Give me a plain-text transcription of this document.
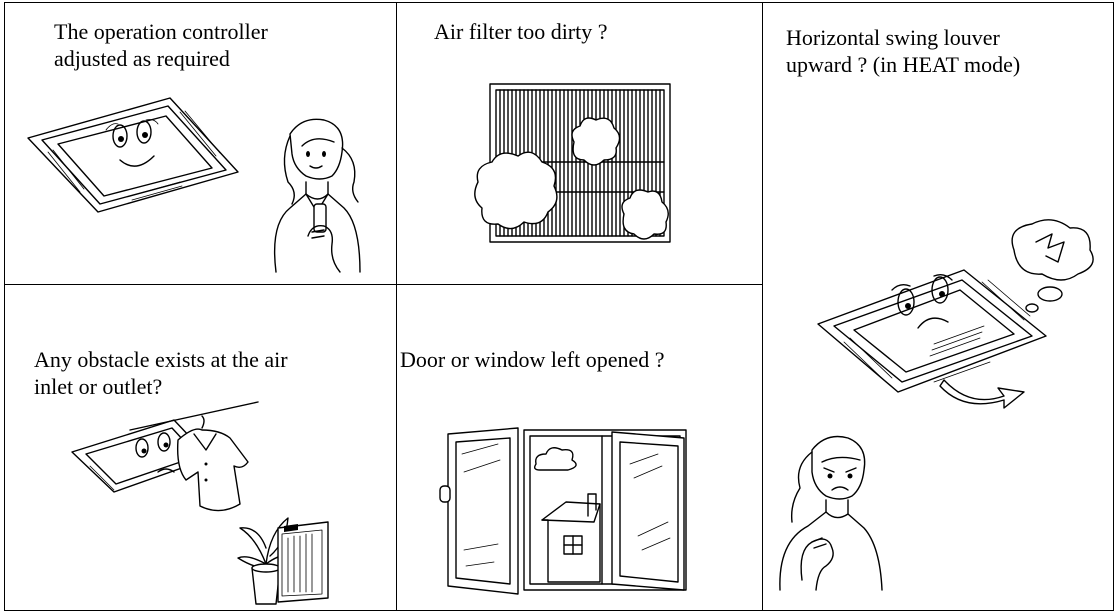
The operation controller
adjusted as required
Air filter too dirty ?	Horizontal swing louver
upward ? (in HEAT mode)
Any obstacle exists at the air
inlet or outlet?
Door or window left opened ?
